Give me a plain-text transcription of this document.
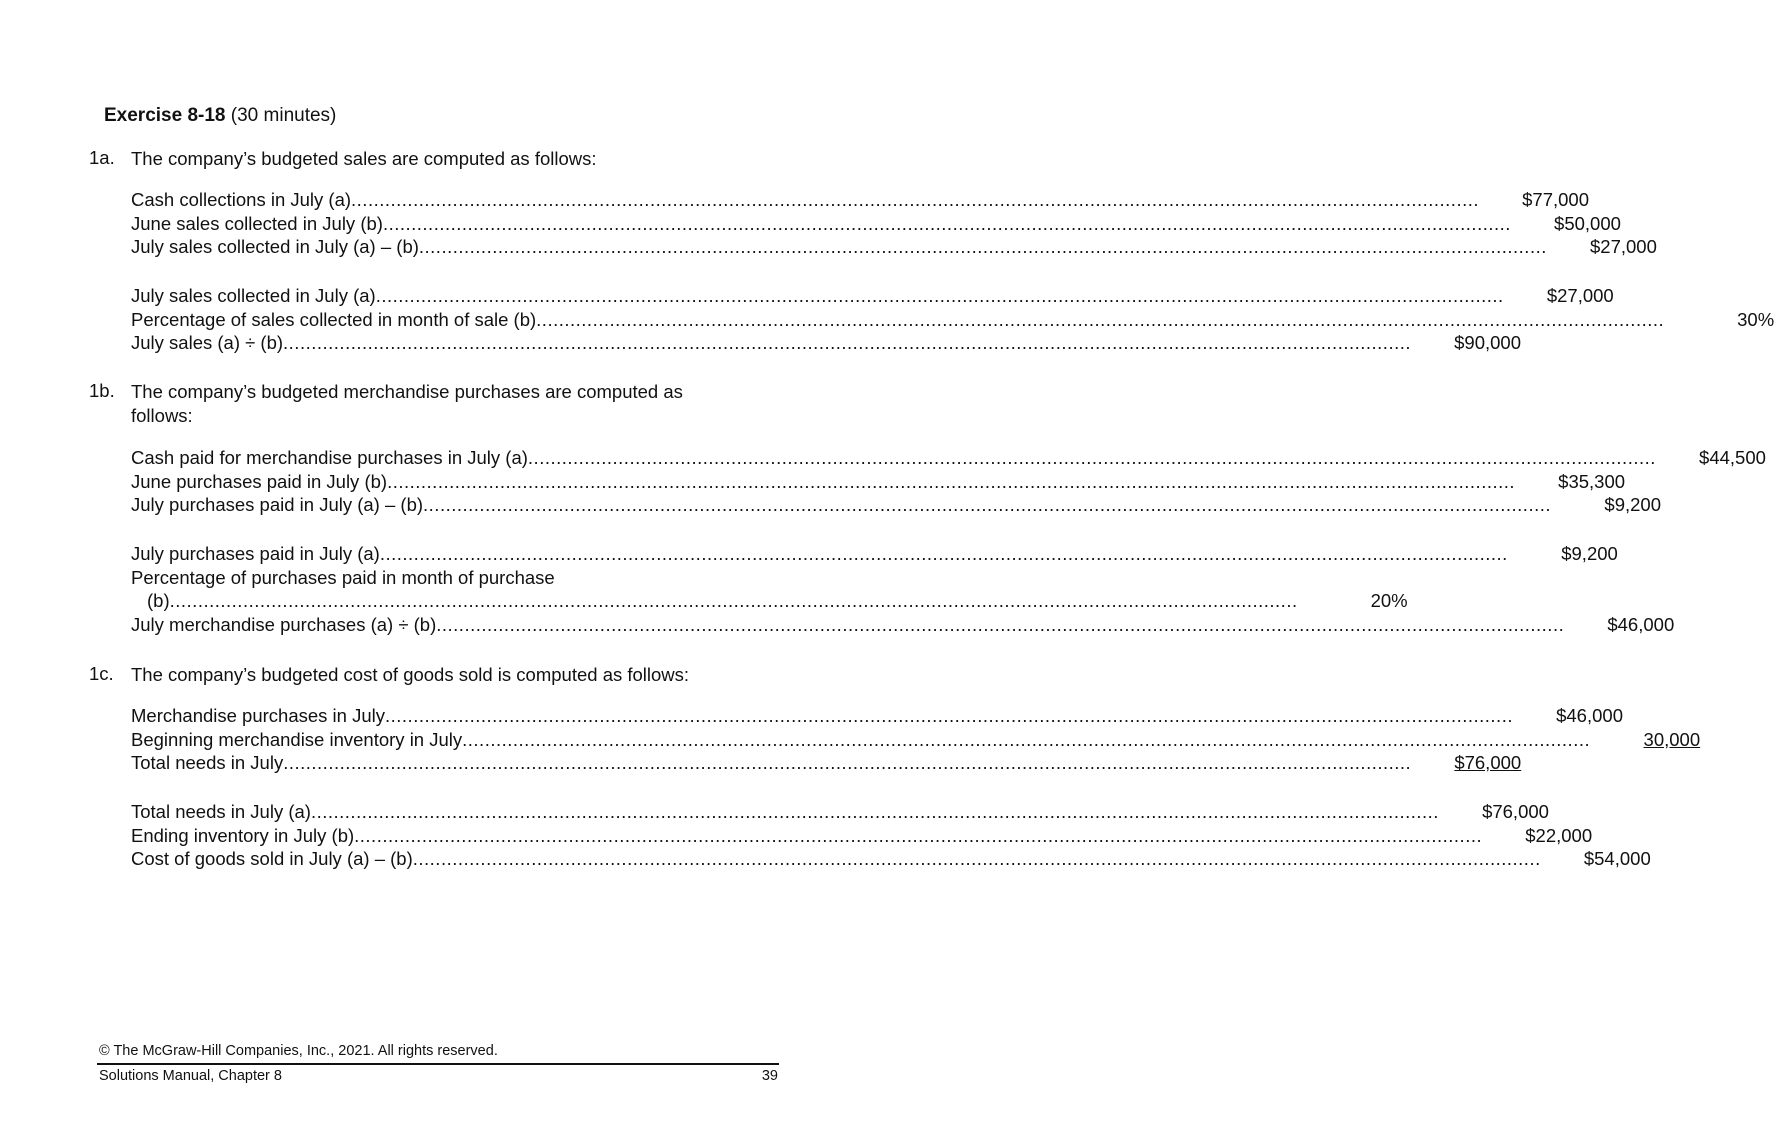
Exercise 8-18 (30 minutes)
1a. The company’s budgeted sales are computed as follows:
Cash collections in July (a) ........................................................................................................................................................................................................	$77,000
June sales collected in July (b) ........................................................................................................................................................................................................	$50,000
July sales collected in July (a) – (b) ........................................................................................................................................................................................................	$27,000
July sales collected in July (a) ........................................................................................................................................................................................................	$27,000
Percentage of sales collected in month of sale (b) ........................................................................................................................................................................................................	30%
July sales (a) ÷ (b) ........................................................................................................................................................................................................	$90,000
1b. The company’s budgeted merchandise purchases are computed as follows:
Cash paid for merchandise purchases in July (a) ........................................................................................................................................................................................................	$44,500
June purchases paid in July (b) ........................................................................................................................................................................................................	$35,300
July purchases paid in July (a) – (b) ........................................................................................................................................................................................................	$9,200
July purchases paid in July (a) ........................................................................................................................................................................................................	$9,200
Percentage of purchases paid in month of purchase
(b) ........................................................................................................................................................................................................	20%
July merchandise purchases (a) ÷ (b) ........................................................................................................................................................................................................	$46,000
1c. The company’s budgeted cost of goods sold is computed as follows:
Merchandise purchases in July ........................................................................................................................................................................................................	$46,000
Beginning merchandise inventory in July ........................................................................................................................................................................................................	30,000
Total needs in July ........................................................................................................................................................................................................	$76,000
Total needs in July (a) ........................................................................................................................................................................................................	$76,000
Ending inventory in July (b) ........................................................................................................................................................................................................	$22,000
Cost of goods sold in July (a) – (b) ........................................................................................................................................................................................................	$54,000
© The McGraw-Hill Companies, Inc., 2021. All rights reserved.
Solutions Manual, Chapter 8	39
